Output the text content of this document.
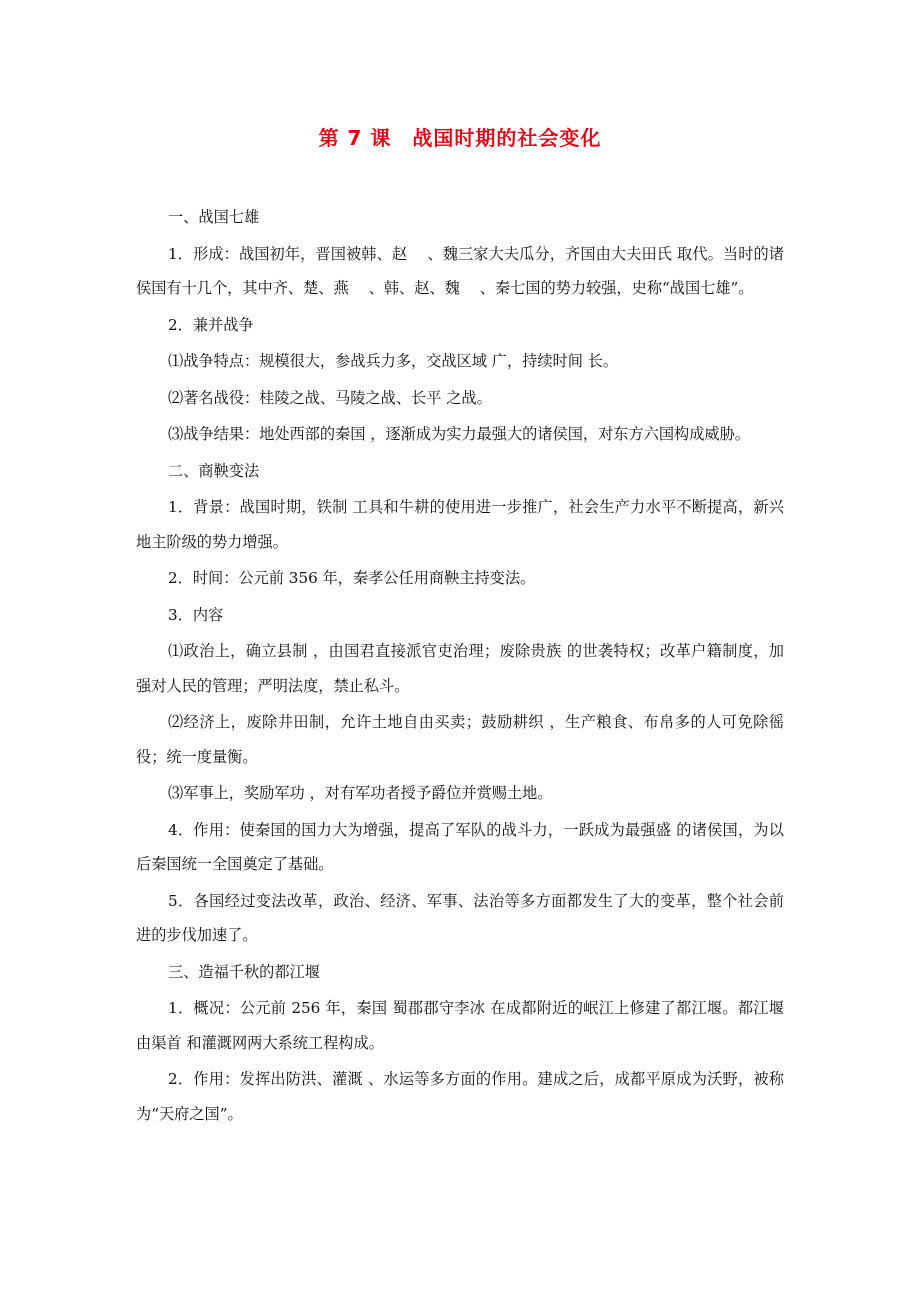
第 7 课　战国时期的社会变化

一、战国七雄

1．形成：战国初年，晋国被韩、赵　 、魏三家大夫瓜分，齐国由大夫田氏 取代。当时的诸侯国有十几个，其中齐、楚、燕　 、韩、赵、魏　 、秦七国的势力较强，史称“战国七雄”。

2．兼并战争

⑴战争特点：规模很大，参战兵力多，交战区域 广，持续时间 长。

⑵著名战役：桂陵之战、马陵之战、长平 之战。

⑶战争结果：地处西部的秦国 ，逐渐成为实力最强大的诸侯国，对东方六国构成威胁。

二、商鞅变法

1．背景：战国时期，铁制 工具和牛耕的使用进一步推广，社会生产力水平不断提高，新兴地主阶级的势力增强。

2．时间：公元前 356 年，秦孝公任用商鞅主持变法。

3．内容

⑴政治上，确立县制 ，由国君直接派官吏治理；废除贵族 的世袭特权；改革户籍制度，加强对人民的管理；严明法度，禁止私斗。

⑵经济上，废除井田制，允许土地自由买卖；鼓励耕织 ，生产粮食、布帛多的人可免除徭役；统一度量衡。

⑶军事上，奖励军功 ，对有军功者授予爵位并赏赐土地。

4．作用：使秦国的国力大为增强，提高了军队的战斗力，一跃成为最强盛 的诸侯国，为以后秦国统一全国奠定了基础。

5．各国经过变法改革，政治、经济、军事、法治等多方面都发生了大的变革，整个社会前进的步伐加速了。

三、造福千秋的都江堰

1．概况：公元前 256 年，秦国 蜀郡郡守李冰 在成都附近的岷江上修建了都江堰。都江堰由渠首 和灌溉网两大系统工程构成。

2．作用：发挥出防洪、灌溉 、水运等多方面的作用。建成之后，成都平原成为沃野，被称为“天府之国”。
